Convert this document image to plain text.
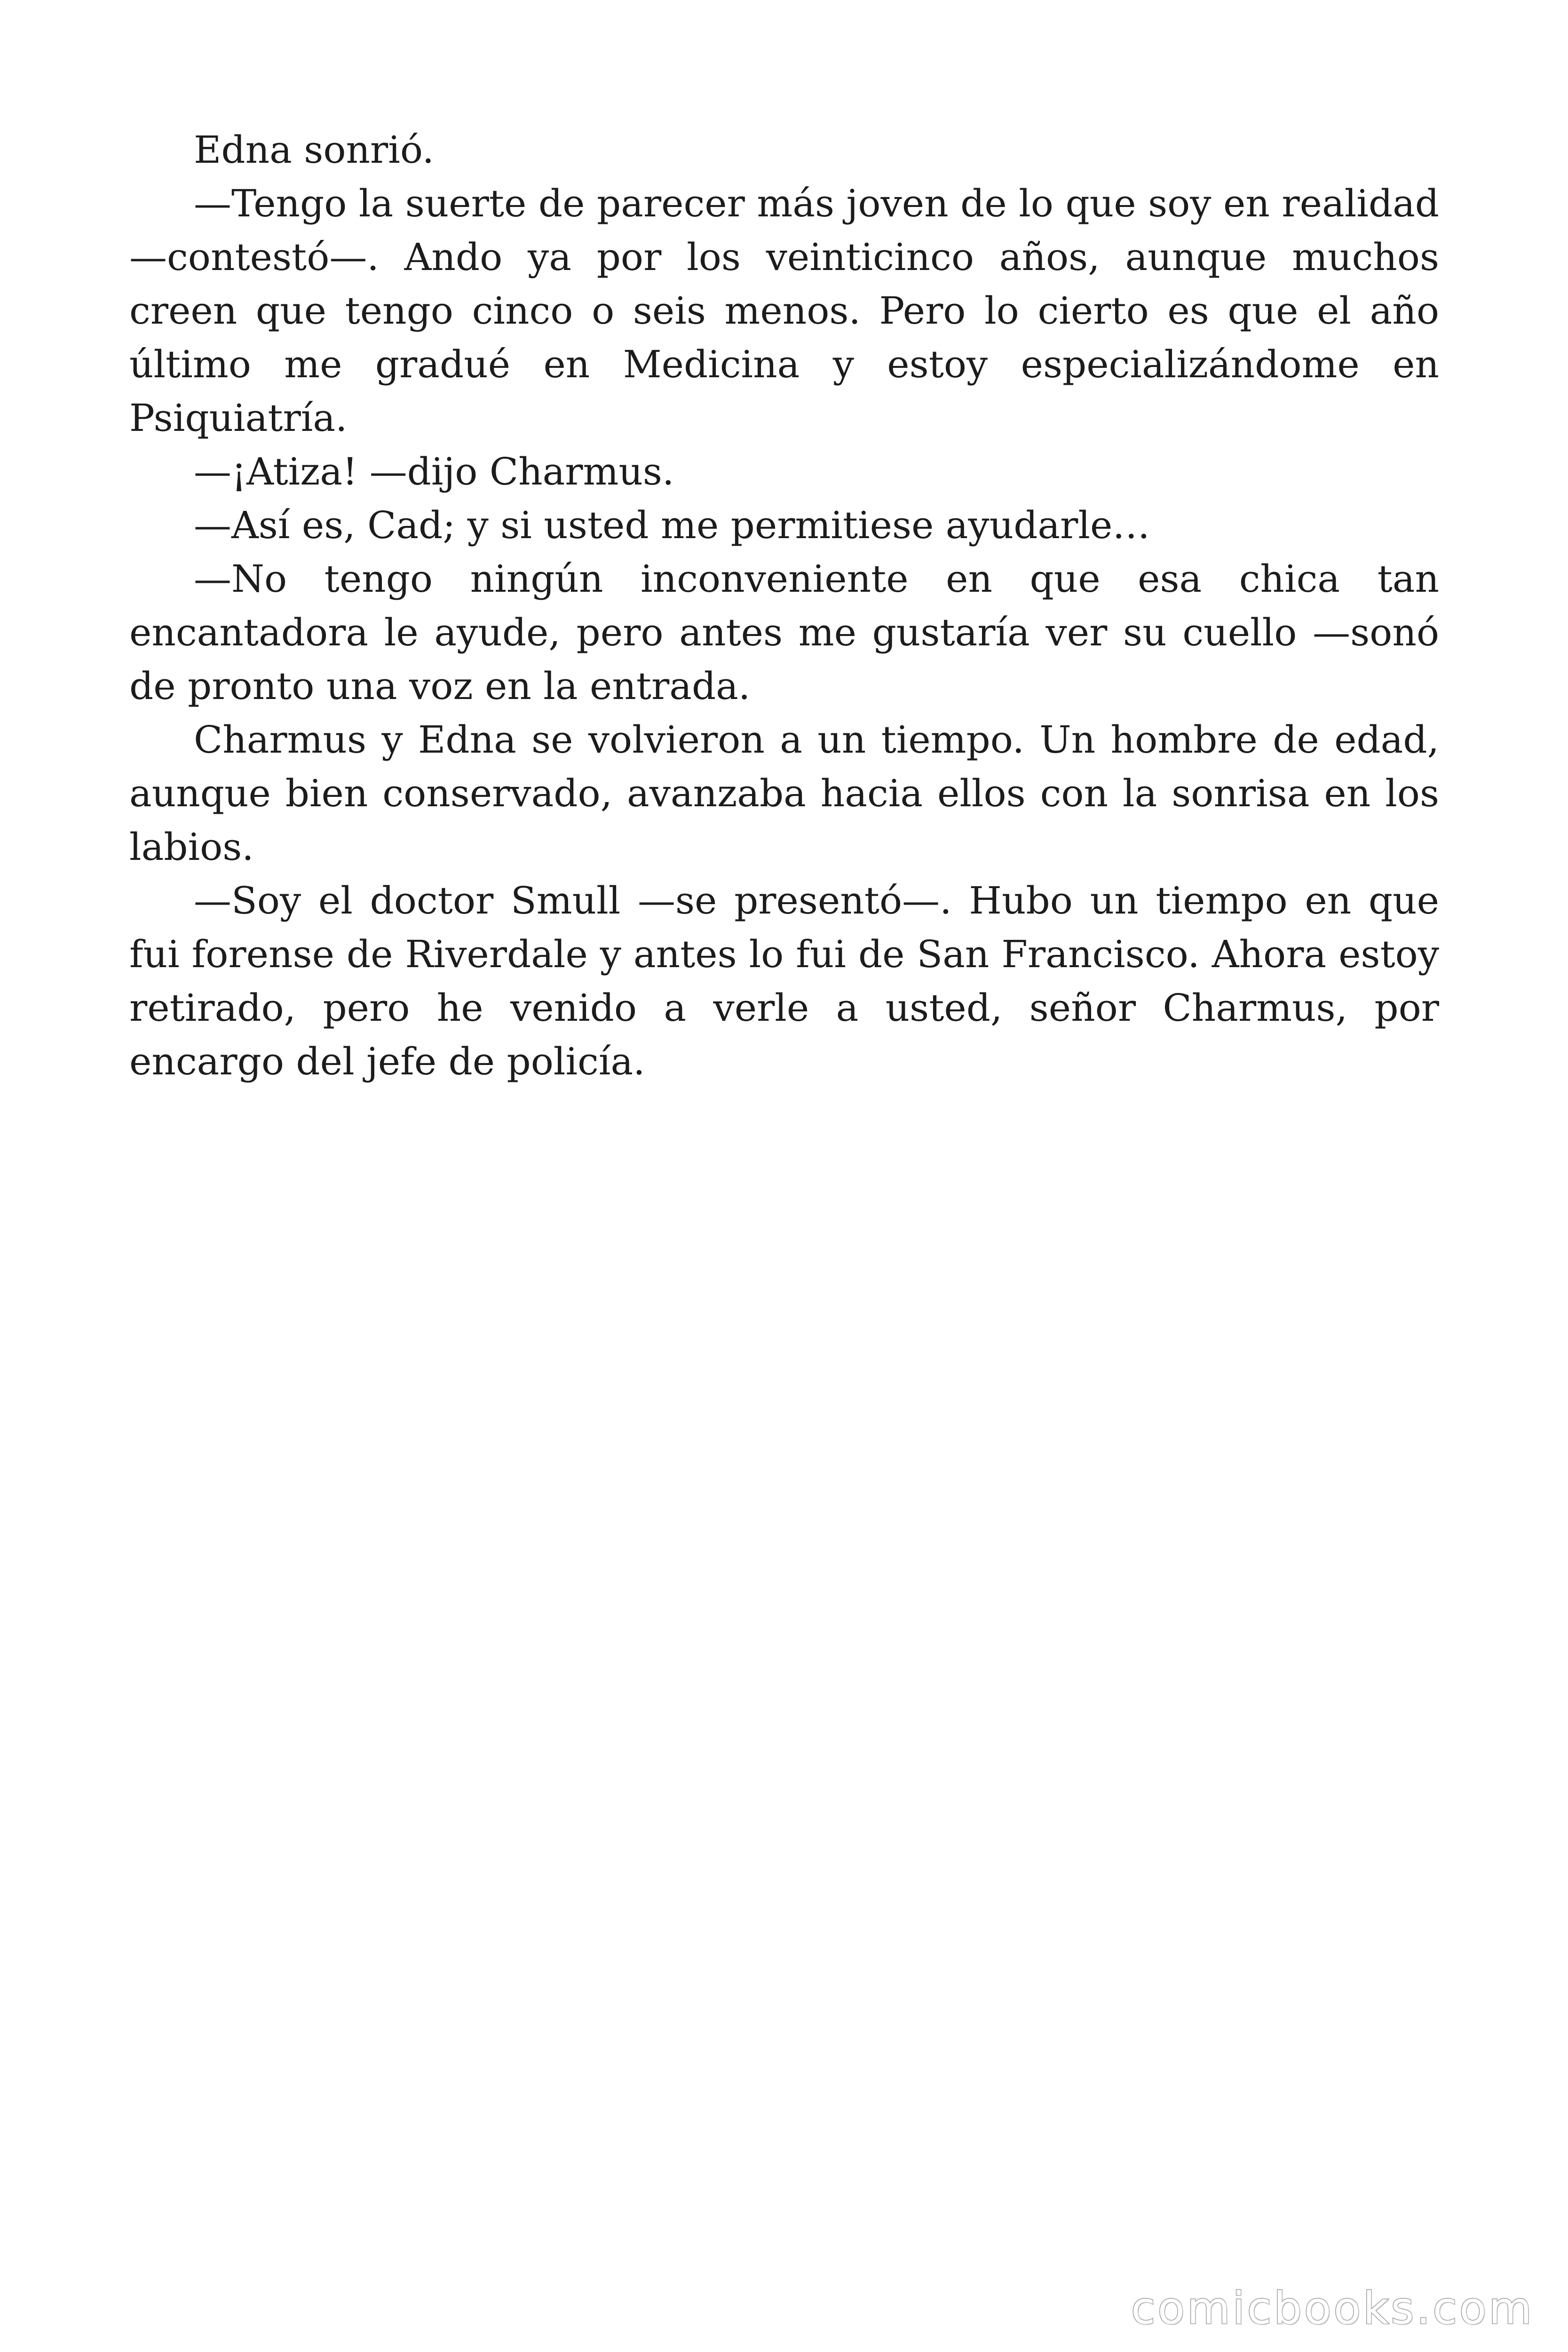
Edna sonrió.

—Tengo la suerte de parecer más joven de lo que soy en realidad —contestó—. Ando ya por los veinticinco años, aunque muchos creen que tengo cinco o seis menos. Pero lo cierto es que el año último me gradué en Medicina y estoy especializándome en Psiquiatría.

—¡Atiza! —dijo Charmus.

—Así es, Cad; y si usted me permitiese ayudarle…

—No tengo ningún inconveniente en que esa chica tan encantadora le ayude, pero antes me gustaría ver su cuello —sonó de pronto una voz en la entrada.

Charmus y Edna se volvieron a un tiempo. Un hombre de edad, aunque bien conservado, avanzaba hacia ellos con la sonrisa en los labios.

—Soy el doctor Smull —se presentó—. Hubo un tiempo en que fui forense de Riverdale y antes lo fui de San Francisco. Ahora estoy retirado, pero he venido a verle a usted, señor Charmus, por encargo del jefe de policía.

comicbooks.com
